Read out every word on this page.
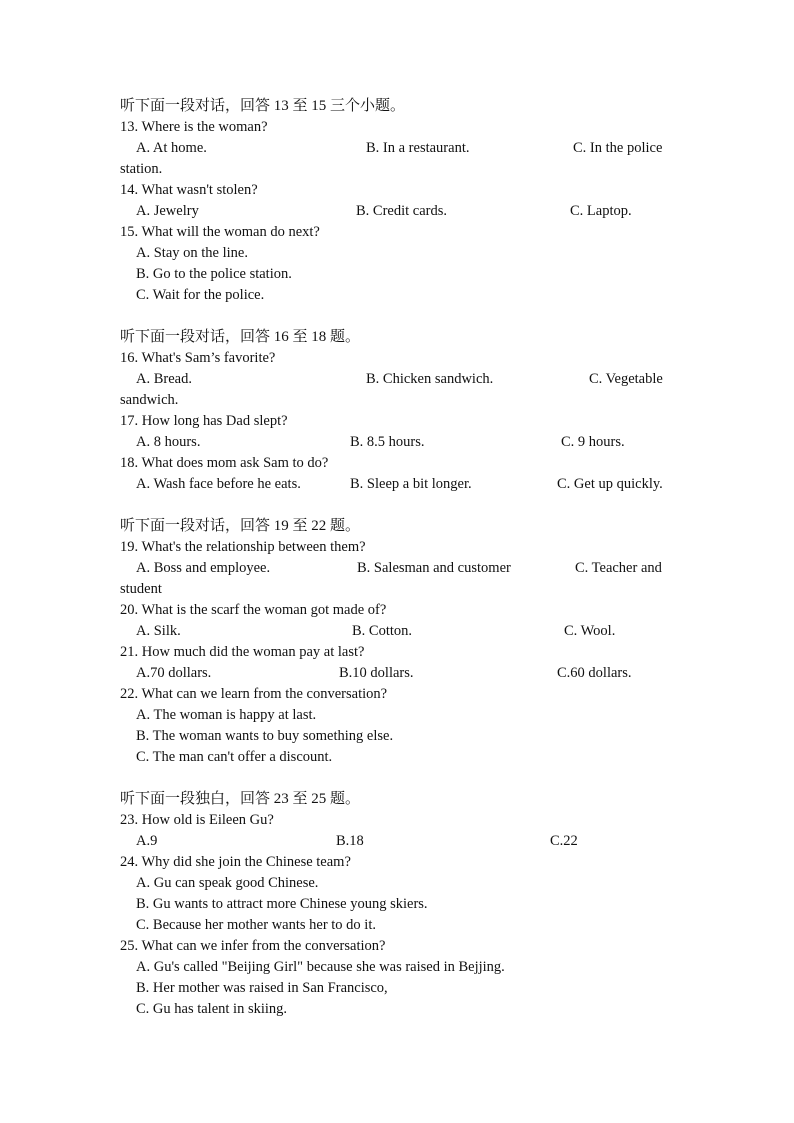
听下面一段对话，回答 13 至 15 三个小题。
13. Where is the woman?
A. At home.	B. In a restaurant.	C. In the police
station.
14. What wasn't stolen?
A. Jewelry	B. Credit cards.	C. Laptop.
15. What will the woman do next?
A. Stay on the line.
B. Go to the police station.
C. Wait for the police.
听下面一段对话，回答 16 至 18 题。
16. What's Sam’s favorite?
A. Bread.	B. Chicken sandwich.	C. Vegetable
sandwich.
17. How long has Dad slept?
A. 8 hours.	B. 8.5 hours.	C. 9 hours.
18. What does mom ask Sam to do?
A. Wash face before he eats.	B. Sleep a bit longer.	C. Get up quickly.
听下面一段对话，回答 19 至 22 题。
19. What's the relationship between them?
A. Boss and employee.	B. Salesman and customer	C. Teacher and
student
20. What is the scarf the woman got made of?
A. Silk.	B. Cotton.	C. Wool.
21. How much did the woman pay at last?
A.70 dollars.	B.10 dollars.	C.60 dollars.
22. What can we learn from the conversation?
A. The woman is happy at last.
B. The woman wants to buy something else.
C. The man can't offer a discount.
听下面一段独白，回答 23 至 25 题。
23. How old is Eileen Gu?
A.9	B.18	C.22
24. Why did she join the Chinese team?
A. Gu can speak good Chinese.
B. Gu wants to attract more Chinese young skiers.
C. Because her mother wants her to do it.
25. What can we infer from the conversation?
A. Gu's called "Beijing Girl" because she was raised in Bejjing.
B. Her mother was raised in San Francisco,
C. Gu has talent in skiing.
